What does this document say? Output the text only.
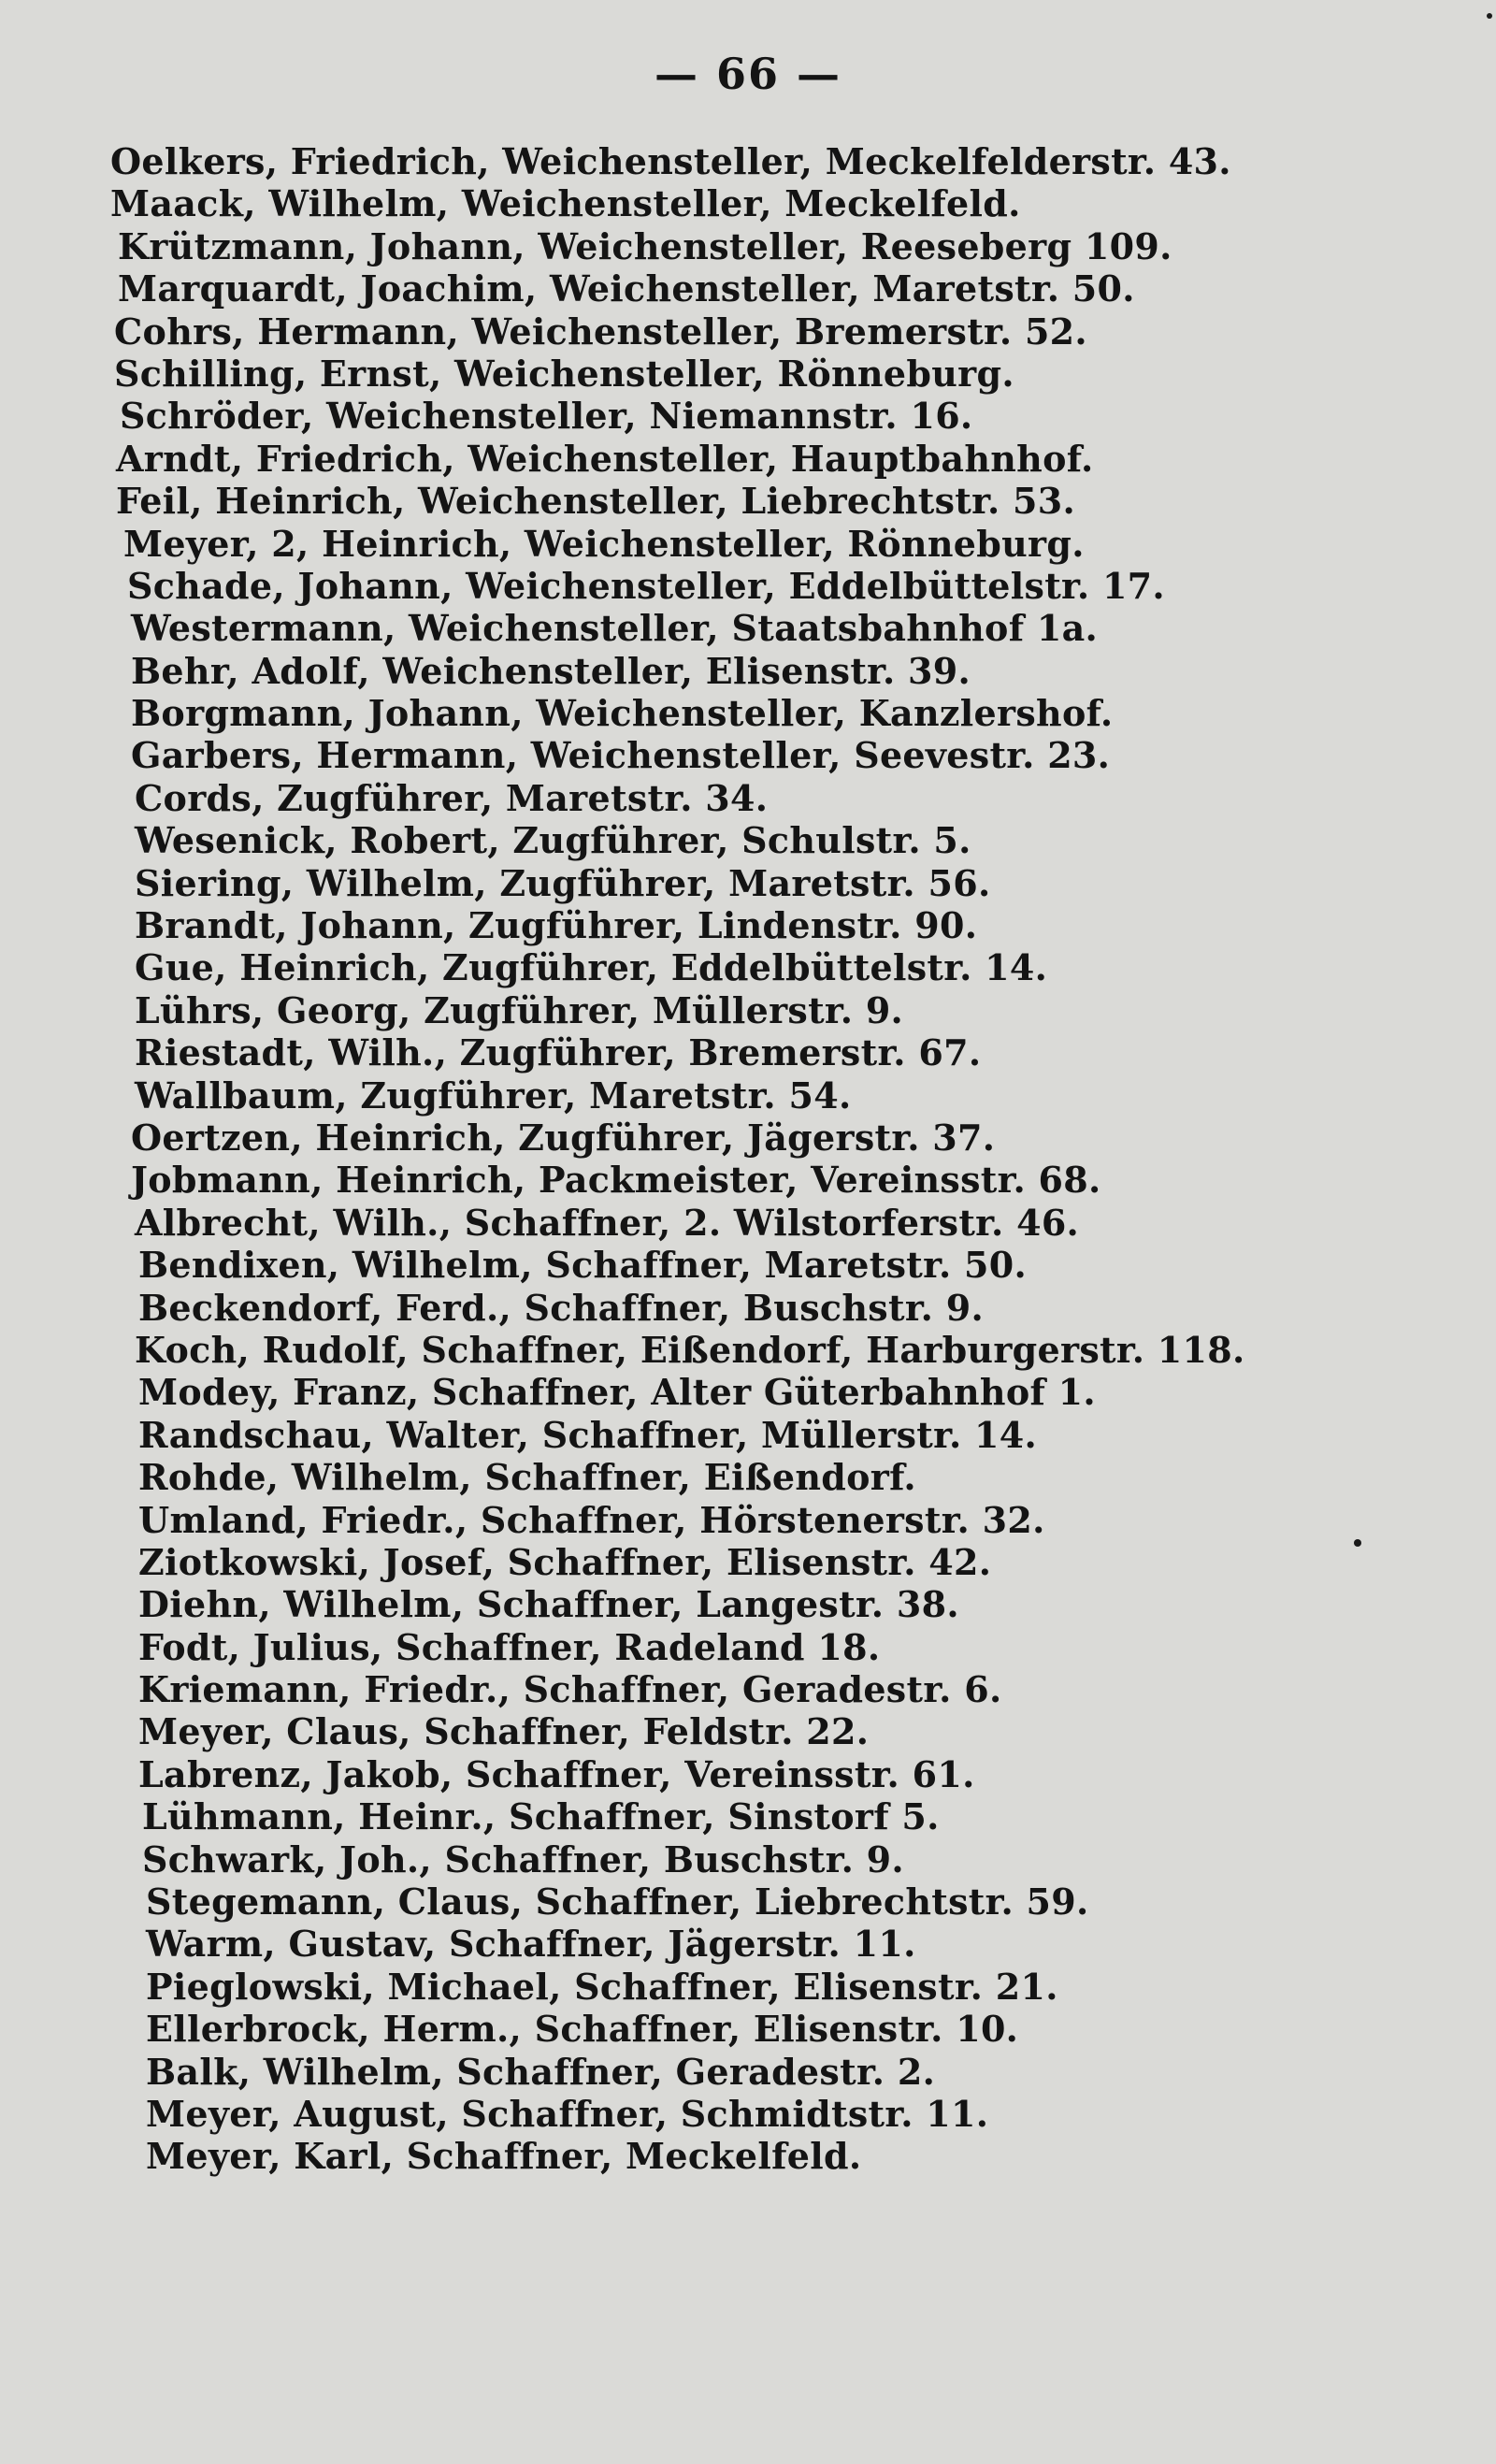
— 66 —
Oelkers, Friedrich, Weichensteller, Meckelfelderstr. 43.
Maack, Wilhelm, Weichensteller, Meckelfeld.
Krützmann, Johann, Weichensteller, Reeseberg 109.
Marquardt, Joachim, Weichensteller, Maretstr. 50.
Cohrs, Hermann, Weichensteller, Bremerstr. 52.
Schilling, Ernst, Weichensteller, Rönneburg.
Schröder, Weichensteller, Niemannstr. 16.
Arndt, Friedrich, Weichensteller, Hauptbahnhof.
Feil, Heinrich, Weichensteller, Liebrechtstr. 53.
Meyer, 2, Heinrich, Weichensteller, Rönneburg.
Schade, Johann, Weichensteller, Eddelbüttelstr. 17.
Westermann, Weichensteller, Staatsbahnhof 1a.
Behr, Adolf, Weichensteller, Elisenstr. 39.
Borgmann, Johann, Weichensteller, Kanzlershof.
Garbers, Hermann, Weichensteller, Seevestr. 23.
Cords, Zugführer, Maretstr. 34.
Wesenick, Robert, Zugführer, Schulstr. 5.
Siering, Wilhelm, Zugführer, Maretstr. 56.
Brandt, Johann, Zugführer, Lindenstr. 90.
Gue, Heinrich, Zugführer, Eddelbüttelstr. 14.
Lührs, Georg, Zugführer, Müllerstr. 9.
Riestadt, Wilh., Zugführer, Bremerstr. 67.
Wallbaum, Zugführer, Maretstr. 54.
Oertzen, Heinrich, Zugführer, Jägerstr. 37.
Jobmann, Heinrich, Packmeister, Vereinsstr. 68.
Albrecht, Wilh., Schaffner, 2. Wilstorferstr. 46.
Bendixen, Wilhelm, Schaffner, Maretstr. 50.
Beckendorf, Ferd., Schaffner, Buschstr. 9.
Koch, Rudolf, Schaffner, Eißendorf, Harburgerstr. 118.
Modey, Franz, Schaffner, Alter Güterbahnhof 1.
Randschau, Walter, Schaffner, Müllerstr. 14.
Rohde, Wilhelm, Schaffner, Eißendorf.
Umland, Friedr., Schaffner, Hörstenerstr. 32.
Ziotkowski, Josef, Schaffner, Elisenstr. 42.
Diehn, Wilhelm, Schaffner, Langestr. 38.
Fodt, Julius, Schaffner, Radeland 18.
Kriemann, Friedr., Schaffner, Geradestr. 6.
Meyer, Claus, Schaffner, Feldstr. 22.
Labrenz, Jakob, Schaffner, Vereinsstr. 61.
Lühmann, Heinr., Schaffner, Sinstorf 5.
Schwark, Joh., Schaffner, Buschstr. 9.
Stegemann, Claus, Schaffner, Liebrechtstr. 59.
Warm, Gustav, Schaffner, Jägerstr. 11.
Pieglowski, Michael, Schaffner, Elisenstr. 21.
Ellerbrock, Herm., Schaffner, Elisenstr. 10.
Balk, Wilhelm, Schaffner, Geradestr. 2.
Meyer, August, Schaffner, Schmidtstr. 11.
Meyer, Karl, Schaffner, Meckelfeld.
